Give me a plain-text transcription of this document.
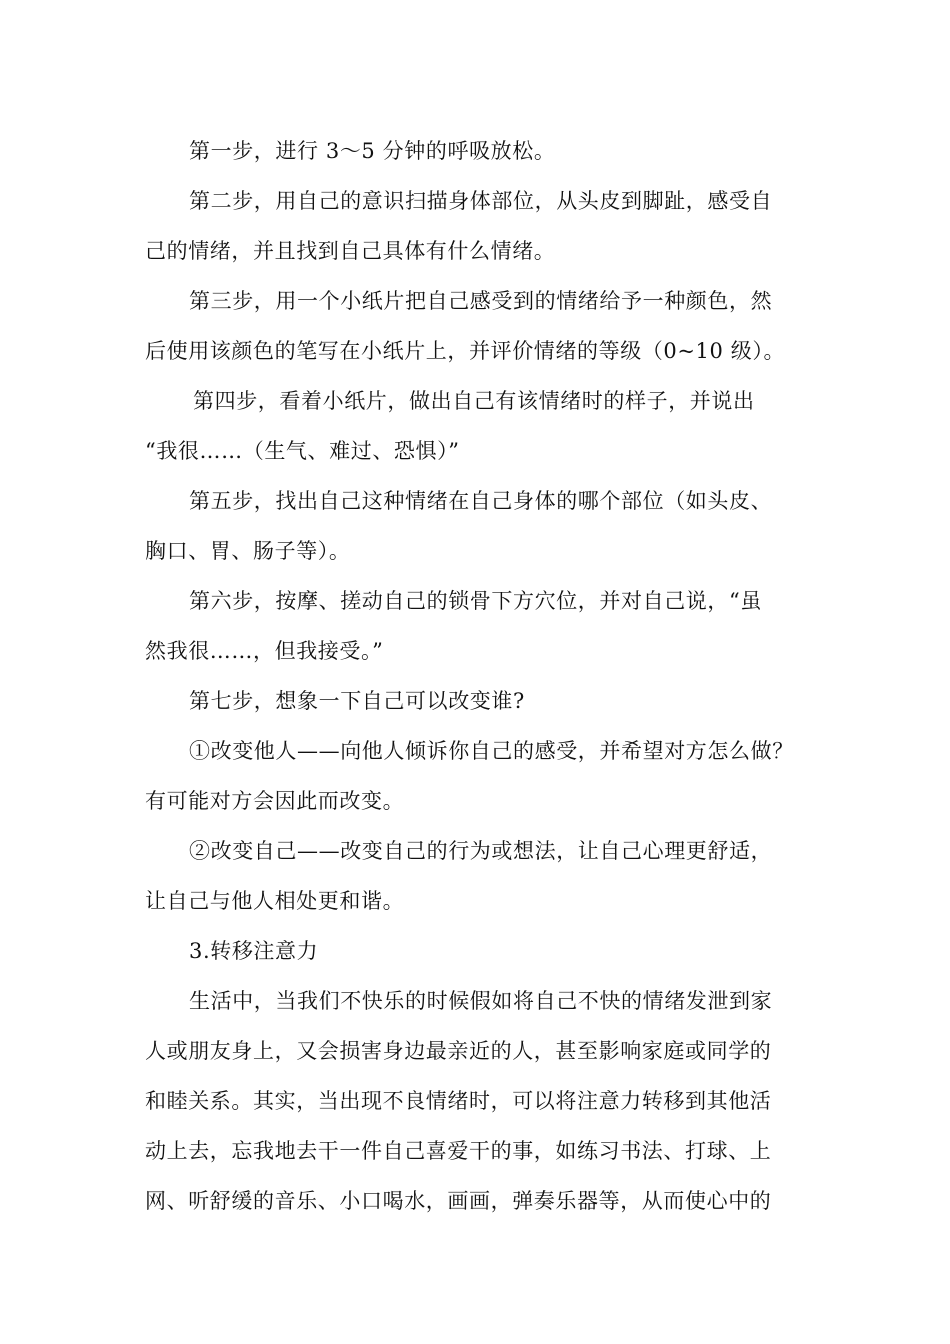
第一步，进行 3～5 分钟的呼吸放松。
第二步，用自己的意识扫描身体部位，从头皮到脚趾，感受自
己的情绪，并且找到自己具体有什么情绪。
第三步，用一个小纸片把自己感受到的情绪给予一种颜色，然
后使用该颜色的笔写在小纸片上，并评价情绪的等级（0~10 级）。
第四步，看着小纸片，做出自己有该情绪时的样子，并说出
“我很……（生气、难过、恐惧）”
第五步，找出自己这种情绪在自己身体的哪个部位（如头皮、
胸口、胃、肠子等）。
第六步，按摩、搓动自己的锁骨下方穴位，并对自己说，“虽
然我很……，但我接受。”
第七步，想象一下自己可以改变谁?
①改变他人——向他人倾诉你自己的感受，并希望对方怎么做？
有可能对方会因此而改变。
②改变自己——改变自己的行为或想法，让自己心理更舒适，
让自己与他人相处更和谐。
3.转移注意力
生活中，当我们不快乐的时候假如将自己不快的情绪发泄到家
人或朋友身上，又会损害身边最亲近的人，甚至影响家庭或同学的
和睦关系。其实，当出现不良情绪时，可以将注意力转移到其他活
动上去，忘我地去干一件自己喜爱干的事，如练习书法、打球、上
网、听舒缓的音乐、小口喝水，画画，弹奏乐器等，从而使心中的
